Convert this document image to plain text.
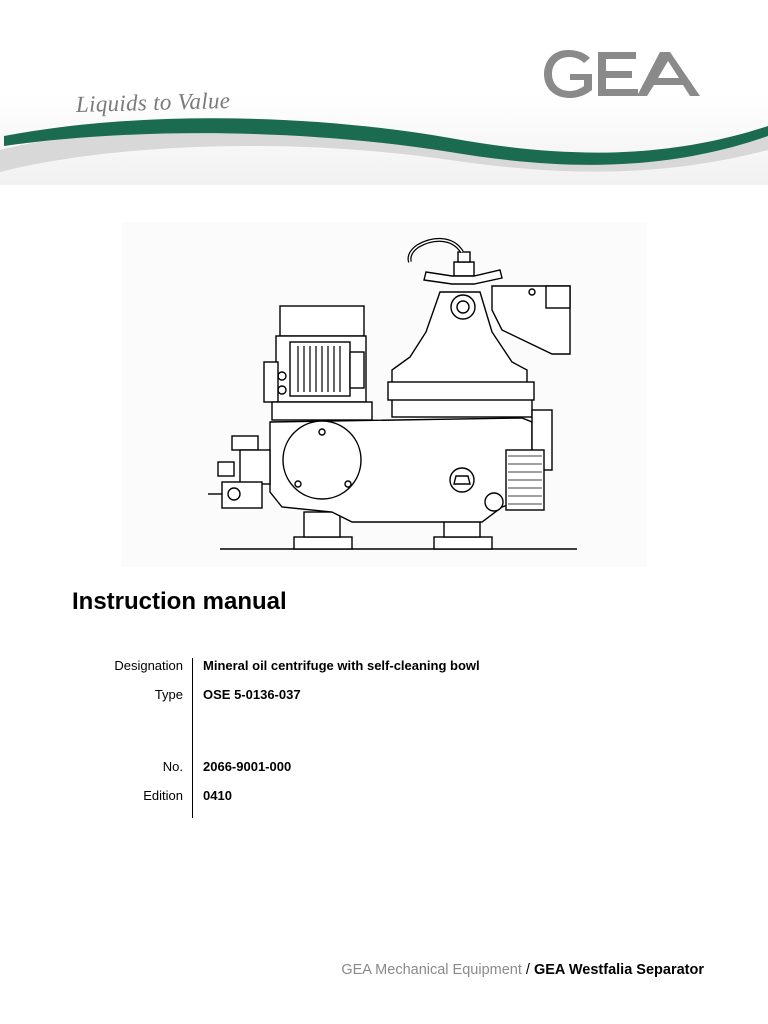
Liquids to Value
Instruction manual
Designation Mineral oil centrifuge with self-cleaning bowl
Type OSE 5-0136-037
No. 2066-9001-000
Edition 0410
GEA Mechanical Equipment / GEA Westfalia Separator
